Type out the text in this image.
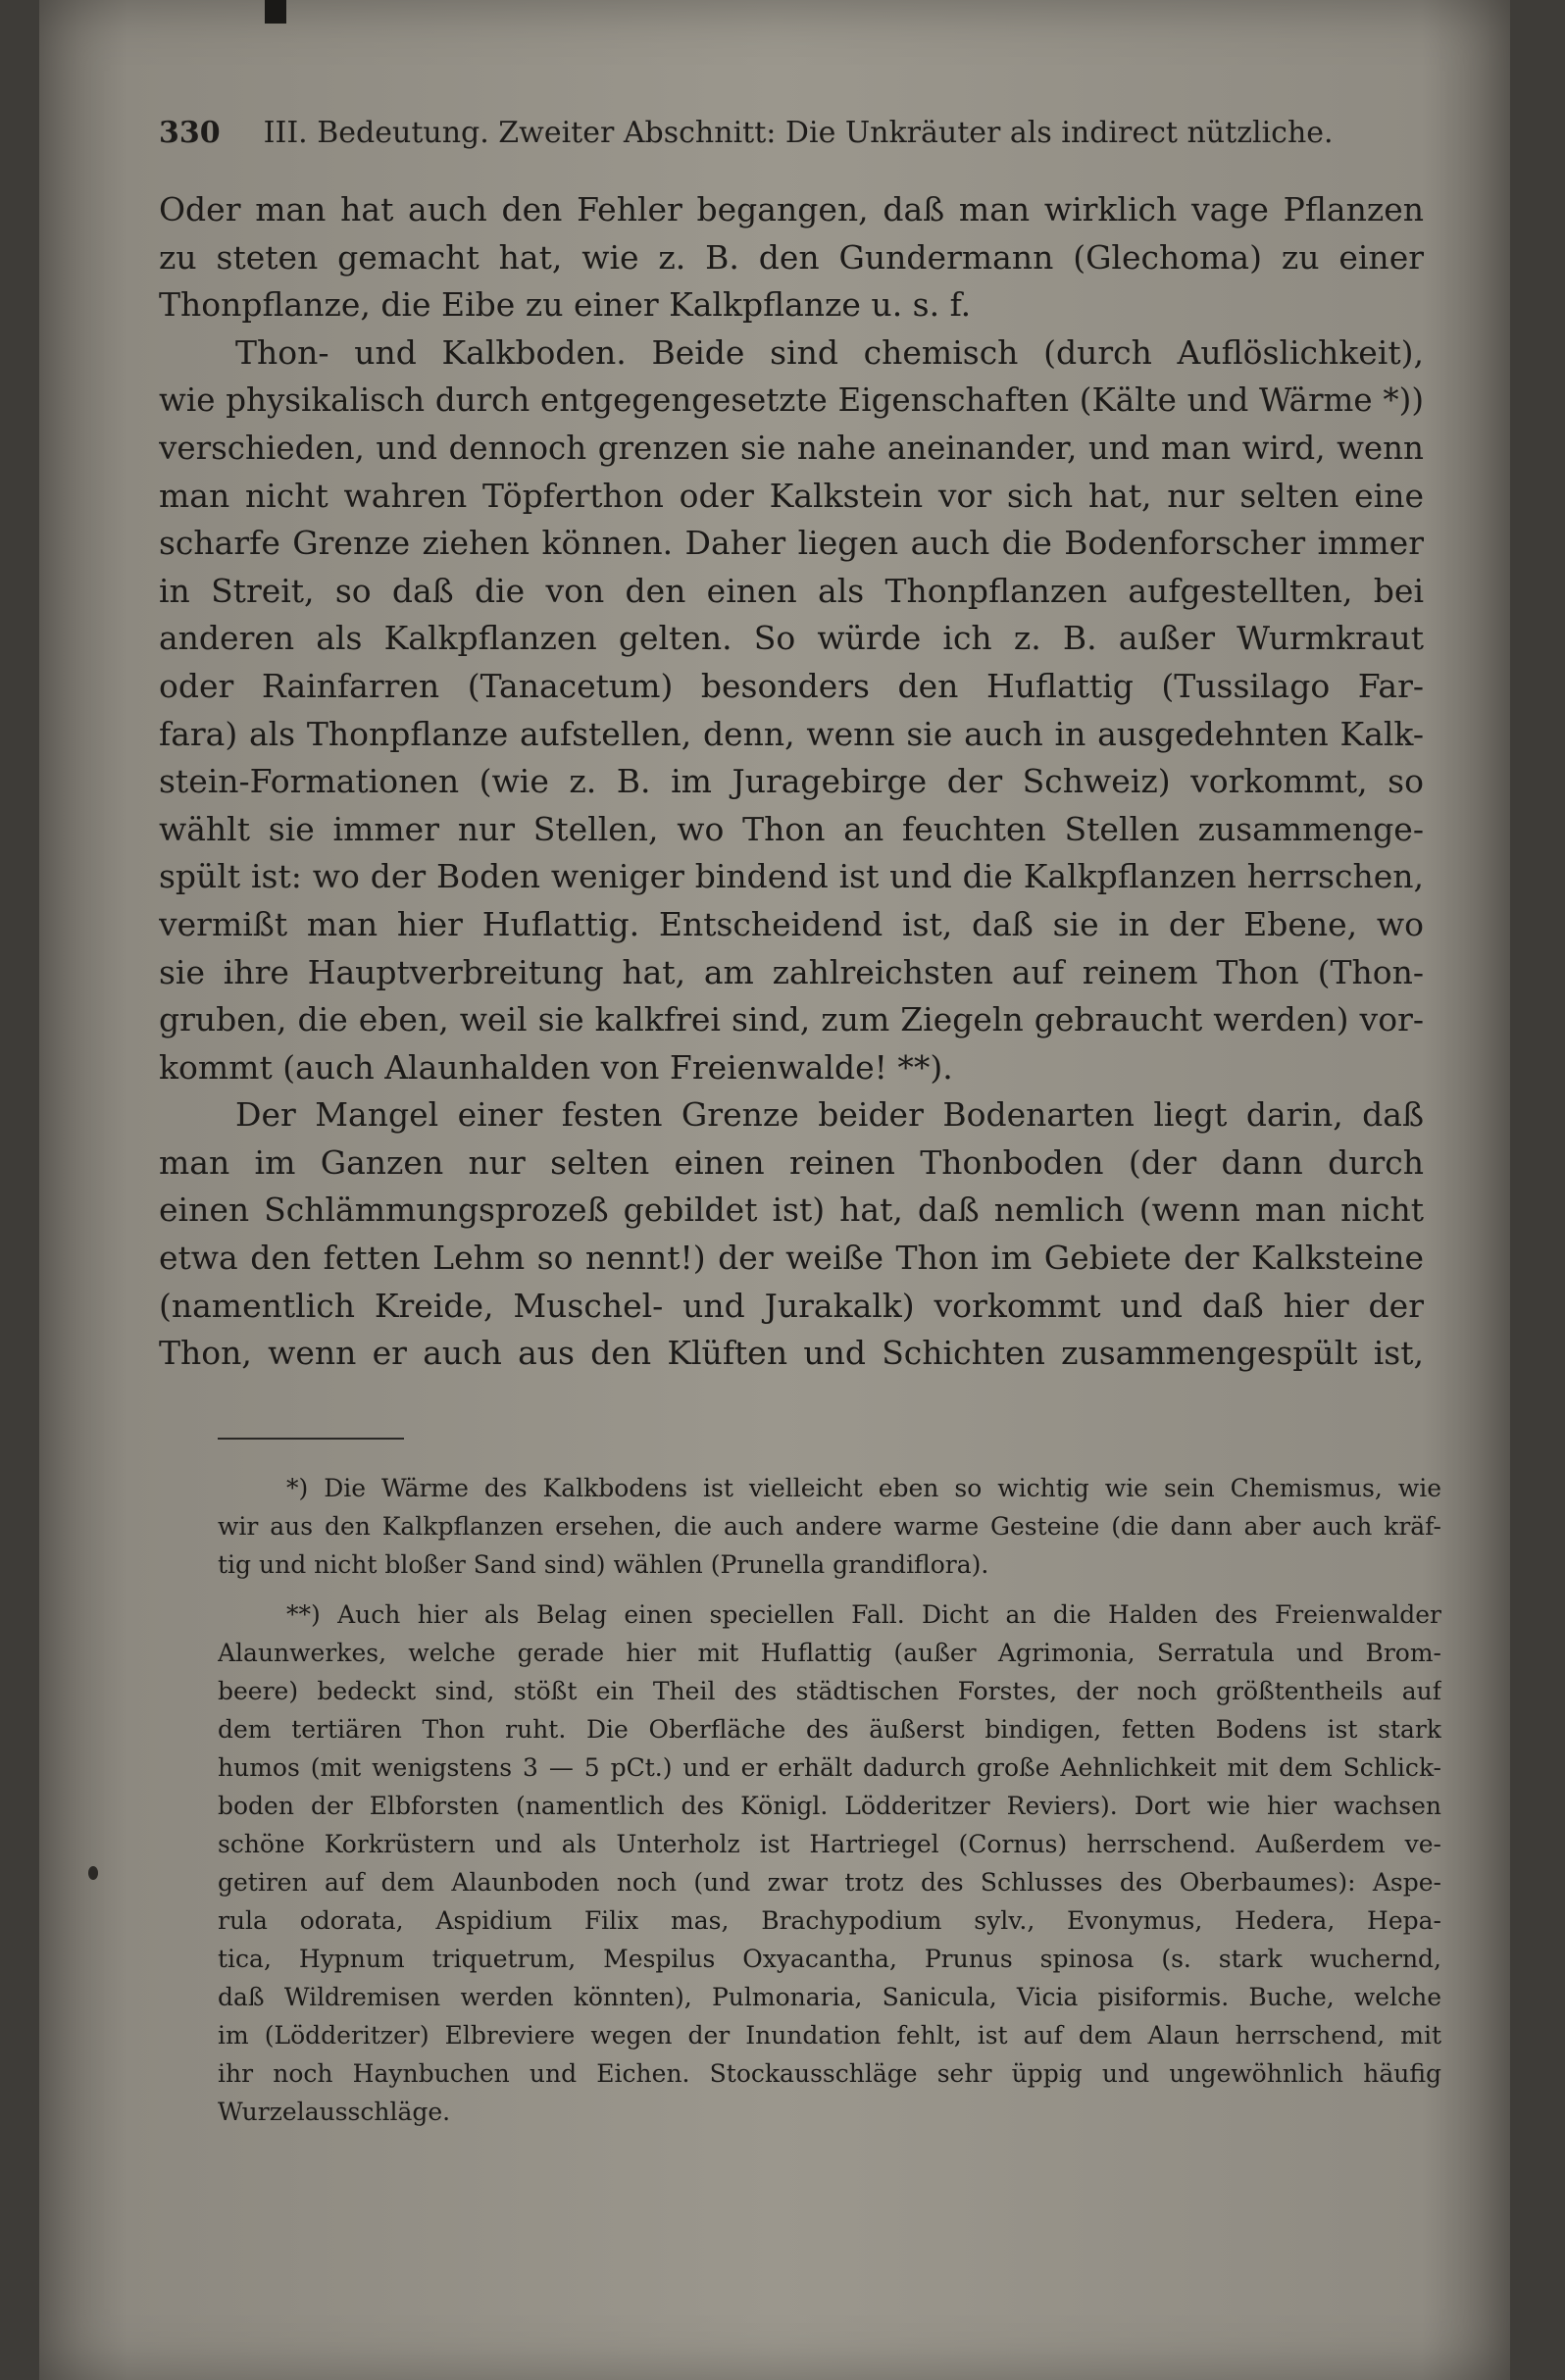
330 III. Bedeutung. Zweiter Abschnitt: Die Unkräuter als indirect nützliche.
Oder man hat auch den Fehler begangen, daß man wirklich vage Pflanzen
zu steten gemacht hat, wie z. B. den Gundermann (Glechoma) zu einer
Thonpflanze, die Eibe zu einer Kalkpflanze u. s. f.
Thon- und Kalkboden. Beide sind chemisch (durch Auflöslichkeit),
wie physikalisch durch entgegengesetzte Eigenschaften (Kälte und Wärme *))
verschieden, und dennoch grenzen sie nahe aneinander, und man wird, wenn
man nicht wahren Töpferthon oder Kalkstein vor sich hat, nur selten eine
scharfe Grenze ziehen können. Daher liegen auch die Bodenforscher immer
in Streit, so daß die von den einen als Thonpflanzen aufgestellten, bei
anderen als Kalkpflanzen gelten. So würde ich z. B. außer Wurmkraut
oder Rainfarren (Tanacetum) besonders den Huflattig (Tussilago Far-
fara) als Thonpflanze aufstellen, denn, wenn sie auch in ausgedehnten Kalk-
stein-Formationen (wie z. B. im Juragebirge der Schweiz) vorkommt, so
wählt sie immer nur Stellen, wo Thon an feuchten Stellen zusammenge-
spült ist: wo der Boden weniger bindend ist und die Kalkpflanzen herrschen,
vermißt man hier Huflattig. Entscheidend ist, daß sie in der Ebene, wo
sie ihre Hauptverbreitung hat, am zahlreichsten auf reinem Thon (Thon-
gruben, die eben, weil sie kalkfrei sind, zum Ziegeln gebraucht werden) vor-
kommt (auch Alaunhalden von Freienwalde! **).
Der Mangel einer festen Grenze beider Bodenarten liegt darin, daß
man im Ganzen nur selten einen reinen Thonboden (der dann durch
einen Schlämmungsprozeß gebildet ist) hat, daß nemlich (wenn man nicht
etwa den fetten Lehm so nennt!) der weiße Thon im Gebiete der Kalksteine
(namentlich Kreide, Muschel- und Jurakalk) vorkommt und daß hier der
Thon, wenn er auch aus den Klüften und Schichten zusammengespült ist,
*) Die Wärme des Kalkbodens ist vielleicht eben so wichtig wie sein Chemismus, wie
wir aus den Kalkpflanzen ersehen, die auch andere warme Gesteine (die dann aber auch kräf-
tig und nicht bloßer Sand sind) wählen (Prunella grandiflora).
**) Auch hier als Belag einen speciellen Fall. Dicht an die Halden des Freienwalder
Alaunwerkes, welche gerade hier mit Huflattig (außer Agrimonia, Serratula und Brom-
beere) bedeckt sind, stößt ein Theil des städtischen Forstes, der noch größtentheils auf
dem tertiären Thon ruht. Die Oberfläche des äußerst bindigen, fetten Bodens ist stark
humos (mit wenigstens 3 — 5 pCt.) und er erhält dadurch große Aehnlichkeit mit dem Schlick-
boden der Elbforsten (namentlich des Königl. Lödderitzer Reviers). Dort wie hier wachsen
schöne Korkrüstern und als Unterholz ist Hartriegel (Cornus) herrschend. Außerdem ve-
getiren auf dem Alaunboden noch (und zwar trotz des Schlusses des Oberbaumes): Aspe-
rula odorata, Aspidium Filix mas, Brachypodium sylv., Evonymus, Hedera, Hepa-
tica, Hypnum triquetrum, Mespilus Oxyacantha, Prunus spinosa (s. stark wuchernd,
daß Wildremisen werden könnten), Pulmonaria, Sanicula, Vicia pisiformis. Buche, welche
im (Lödderitzer) Elbreviere wegen der Inundation fehlt, ist auf dem Alaun herrschend, mit
ihr noch Haynbuchen und Eichen. Stockausschläge sehr üppig und ungewöhnlich häufig
Wurzelausschläge.
